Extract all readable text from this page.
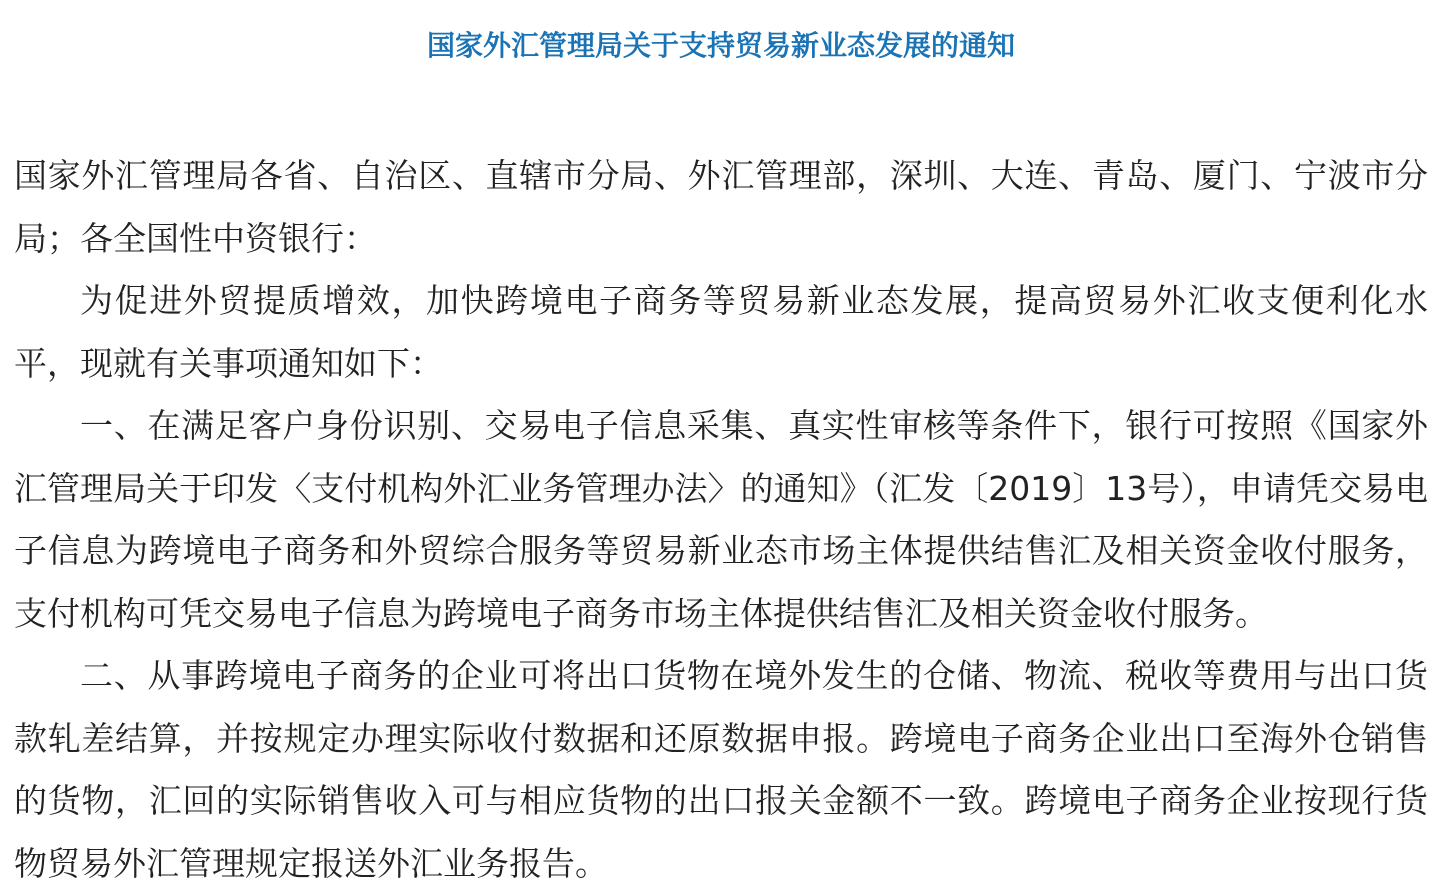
国家外汇管理局关于支持贸易新业态发展的通知

国家外汇管理局各省、自治区、直辖市分局、外汇管理部，深圳、大连、青岛、厦门、宁波市分局；各全国性中资银行：

为促进外贸提质增效，加快跨境电子商务等贸易新业态发展，提高贸易外汇收支便利化水平，现就有关事项通知如下：

一、在满足客户身份识别、交易电子信息采集、真实性审核等条件下，银行可按照《国家外汇管理局关于印发〈支付机构外汇业务管理办法〉的通知》（汇发〔2019〕13号），申请凭交易电子信息为跨境电子商务和外贸综合服务等贸易新业态市场主体提供结售汇及相关资金收付服务，支付机构可凭交易电子信息为跨境电子商务市场主体提供结售汇及相关资金收付服务。

二、从事跨境电子商务的企业可将出口货物在境外发生的仓储、物流、税收等费用与出口货款轧差结算，并按规定办理实际收付数据和还原数据申报。跨境电子商务企业出口至海外仓销售的货物，汇回的实际销售收入可与相应货物的出口报关金额不一致。跨境电子商务企业按现行货物贸易外汇管理规定报送外汇业务报告。
